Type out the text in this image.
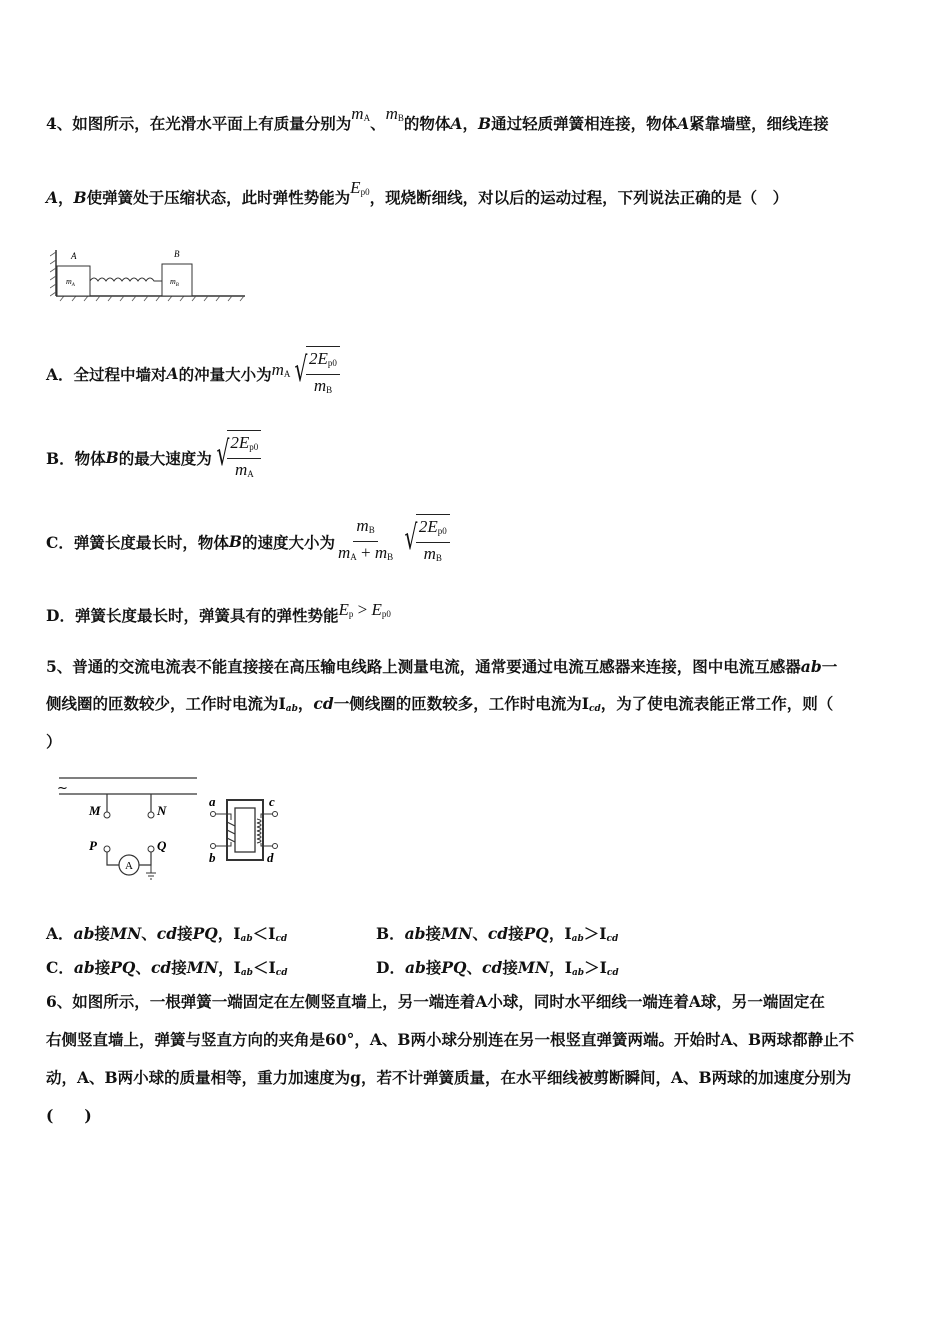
4、如图所示，在光滑水平面上有质量分别为$m_A$、$m_B$的物体A，B通过轻质弹簧相连接，物体A紧靠墙壁，细线连接
A，B使弹簧处于压缩状态，此时弹性势能为$E_{p0}$，现烧断细线，对以后的运动过程，下列说法正确的是（　）
A	B
$m_A$	$m_B$
A．全过程中墙对 A 的冲量大小为 $m_A$ √
$\frac{2E_{p0}}{m_B}$
B．物体 B 的最大速度为 √
$\frac{2E_{p0}}{m_A}$
C．弹簧长度最长时，物体 B 的速度大小为 $\frac{m_B}{m_A + m_B}$ √
$\frac{2E_{p0}}{m_B}$
D．弹簧长度最长时，弹簧具有的弹性势能$E_p > E_{p0}$
5、普通的交流电流表不能直接接在高压输电线路上测量电流，通常要通过电流互感器来连接，图中电流互感器ab一
侧线圈的匝数较少，工作时电流为$I_{ab}$，cd一侧线圈的匝数较多，工作时电流为$I_{cd}$，为了使电流表能正常工作，则（
）
~
M	N
P	Q
A
a
b
c
d
A．ab接MN、cd接PQ，$I_{ab}<I_{cd}$	B．ab接MN、cd接PQ，$I_{ab}>I_{cd}$
C．ab接PQ、cd接MN，$I_{ab}<I_{cd}$	D．ab接PQ、cd接MN，$I_{ab}>I_{cd}$
6、如图所示，一根弹簧一端固定在左侧竖直墙上，另一端连着A小球，同时水平细线一端连着A球，另一端固定在
右侧竖直墙上，弹簧与竖直方向的夹角是60°，A、B两小球分别连在另一根竖直弹簧两端。开始时A、B两球都静止不
动，A、B两小球的质量相等，重力加速度为g，若不计弹簧质量，在水平细线被剪断瞬间，A、B两球的加速度分别为
(　　)
